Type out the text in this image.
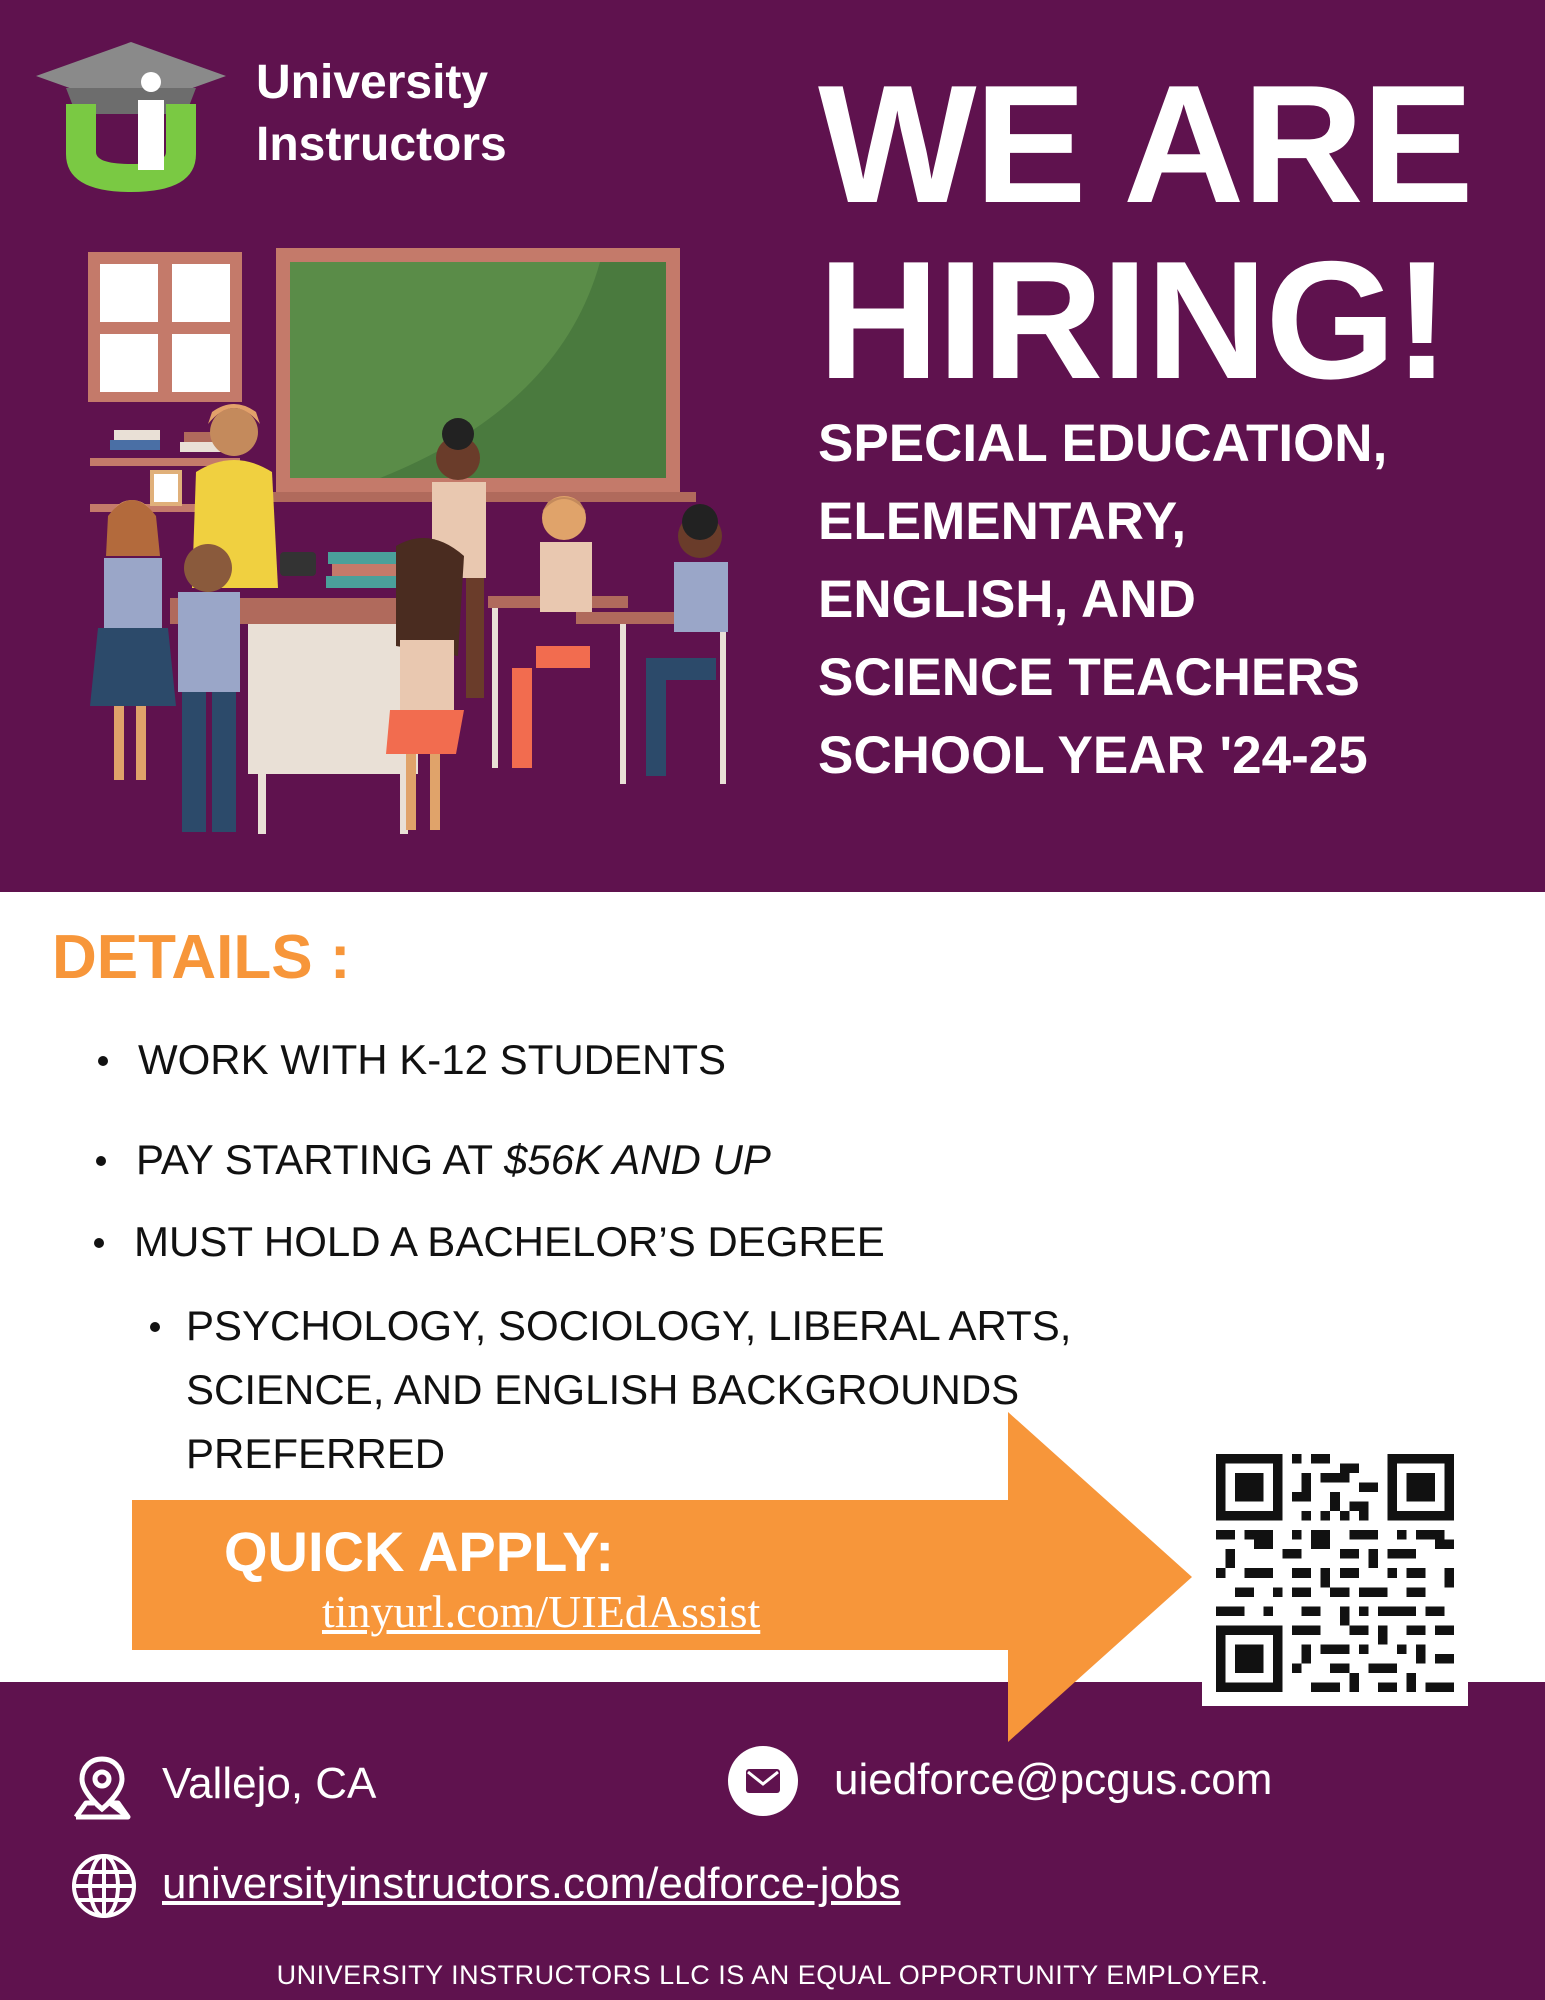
University
Instructors WE ARE
HIRING!
SPECIAL EDUCATION,
ELEMENTARY,
ENGLISH, AND
SCIENCE TEACHERS
SCHOOL YEAR '24-25
DETAILS :
WORK WITH K-12 STUDENTS
PAY STARTING AT $56K AND UP
MUST HOLD A BACHELOR’S DEGREE
PSYCHOLOGY, SOCIOLOGY, LIBERAL ARTS,
SCIENCE, AND ENGLISH BACKGROUNDS
PREFERRED
QUICK APPLY:
tinyurl.com/UIEdAssist
Vallejo, CA	uiedforce@pcgus.com
universityinstructors.com/edforce-jobs
UNIVERSITY INSTRUCTORS LLC IS AN EQUAL OPPORTUNITY EMPLOYER.
